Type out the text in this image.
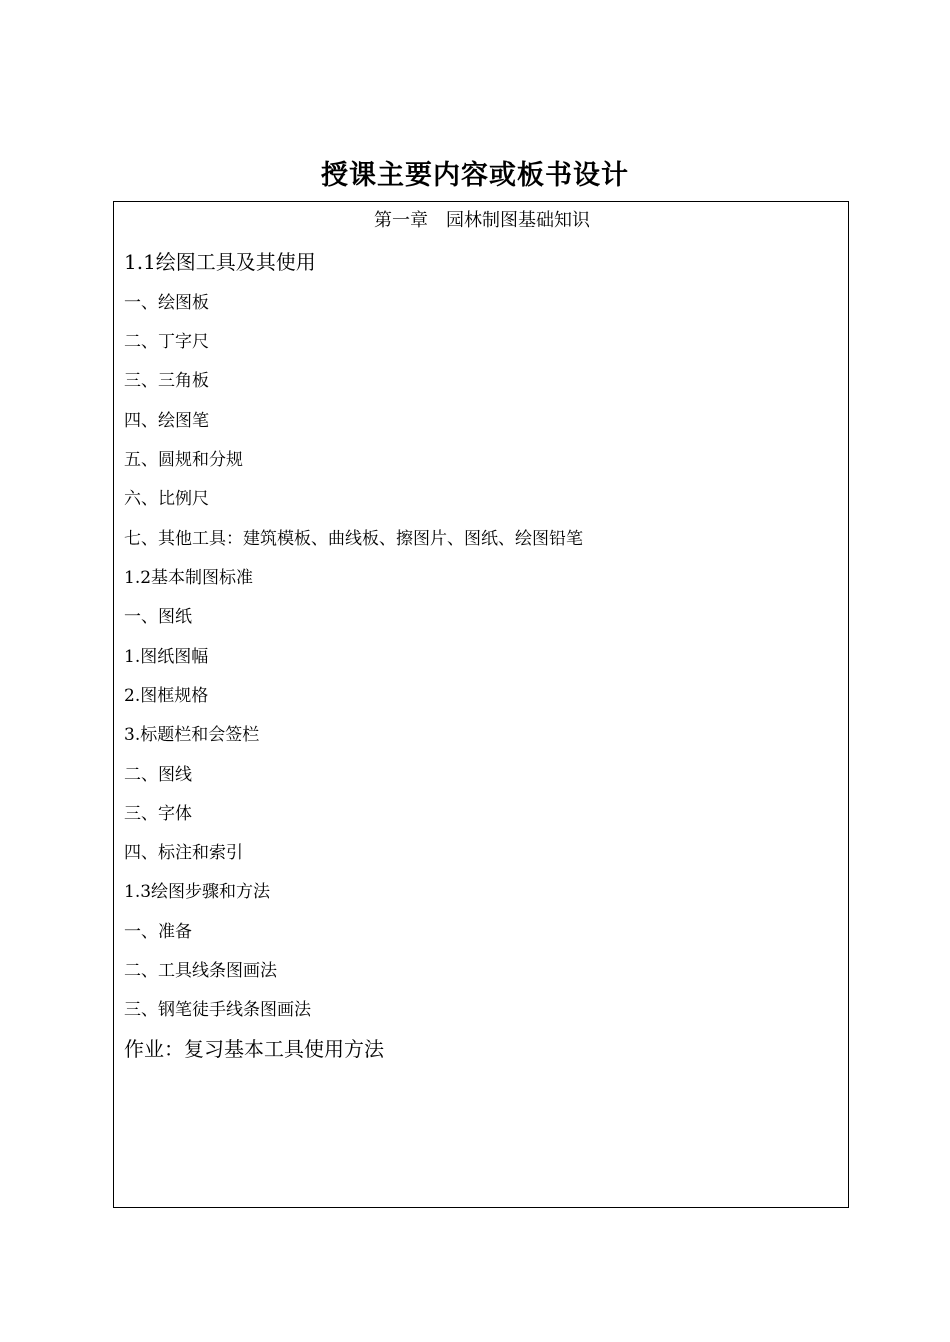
授课主要内容或板书设计
第一章　园林制图基础知识
1.1绘图工具及其使用
一、绘图板
二、丁字尺
三、三角板
四、绘图笔
五、圆规和分规
六、比例尺
七、其他工具：建筑模板、曲线板、擦图片、图纸、绘图铅笔
1.2基本制图标准
一、图纸
1.图纸图幅
2.图框规格
3.标题栏和会签栏
二、图线
三、字体
四、标注和索引
1.3绘图步骤和方法
一、准备
二、工具线条图画法
三、钢笔徒手线条图画法
作业：复习基本工具使用方法
